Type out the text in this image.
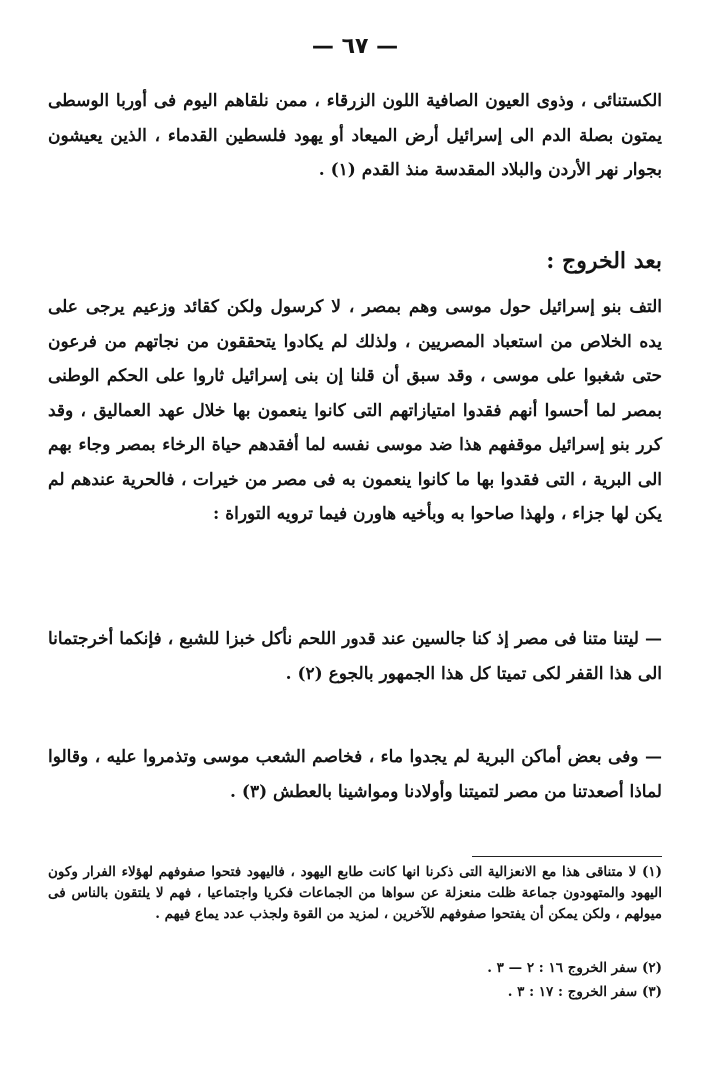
— ٦٧ —

الكستنائى ، وذوى العيون الصافية اللون الزرقاء ، ممن نلقاهم اليوم فى أوربا الوسطى يمتون بصلة الدم الى إسرائيل أرض الميعاد أو يهود فلسطين القدماء ، الذين يعيشون بجوار نهر الأردن والبلاد المقدسة منذ القدم (١) .

بعد الخروج :

التف بنو إسرائيل حول موسى وهم بمصر ، لا كرسول ولكن كقائد وزعيم يرجى على يده الخلاص من استعباد المصريين ، ولذلك لم يكادوا يتحققون من نجاتهم من فرعون حتى شغبوا على موسى ، وقد سبق أن قلنا إن بنى إسرائيل ثاروا على الحكم الوطنى بمصر لما أحسوا أنهم فقدوا امتيازاتهم التى كانوا ينعمون بها خلال عهد العماليق ، وقد كرر بنو إسرائيل موقفهم هذا ضد موسى نفسه لما أفقدهم حياة الرخاء بمصر وجاء بهم الى البرية ، التى فقدوا بها ما كانوا ينعمون به فى مصر من خيرات ، فالحرية عندهم لم يكن لها جزاء ، ولهذا صاحوا به وبأخيه هاورن فيما ترويه التوراة :

— ليتنا متنا فى مصر إذ كنا جالسين عند قدور اللحم نأكل خبزا للشبع ، فإنكما أخرجتمانا الى هذا القفر لكى تميتا كل هذا الجمهور بالجوع (٢) .

— وفى بعض أماكن البرية لم يجدوا ماء ، فخاصم الشعب موسى وتذمروا عليه ، وقالوا لماذا أصعدتنا من مصر لتميتنا وأولادنا ومواشينا بالعطش (٣) .

(١) لا متناقى هذا مع الانعزالية التى ذكرنا انها كانت طابع اليهود ، فاليهود فتحوا صفوفهم لهؤلاء الفرار وكون اليهود والمتهودون جماعة ظلت منعزلة عن سواها من الجماعات فكريا واجتماعيا ، فهم لا يلتقون بالناس فى ميولهم ، ولكن يمكن أن يفتحوا صفوفهم للآخرين ، لمزيد من القوة ولجذب عدد يماع فيهم .

(٢) سفر الخروج ١٦ : ٢ — ٣ .

(٣) سفر الخروج : ١٧ : ٣ .
